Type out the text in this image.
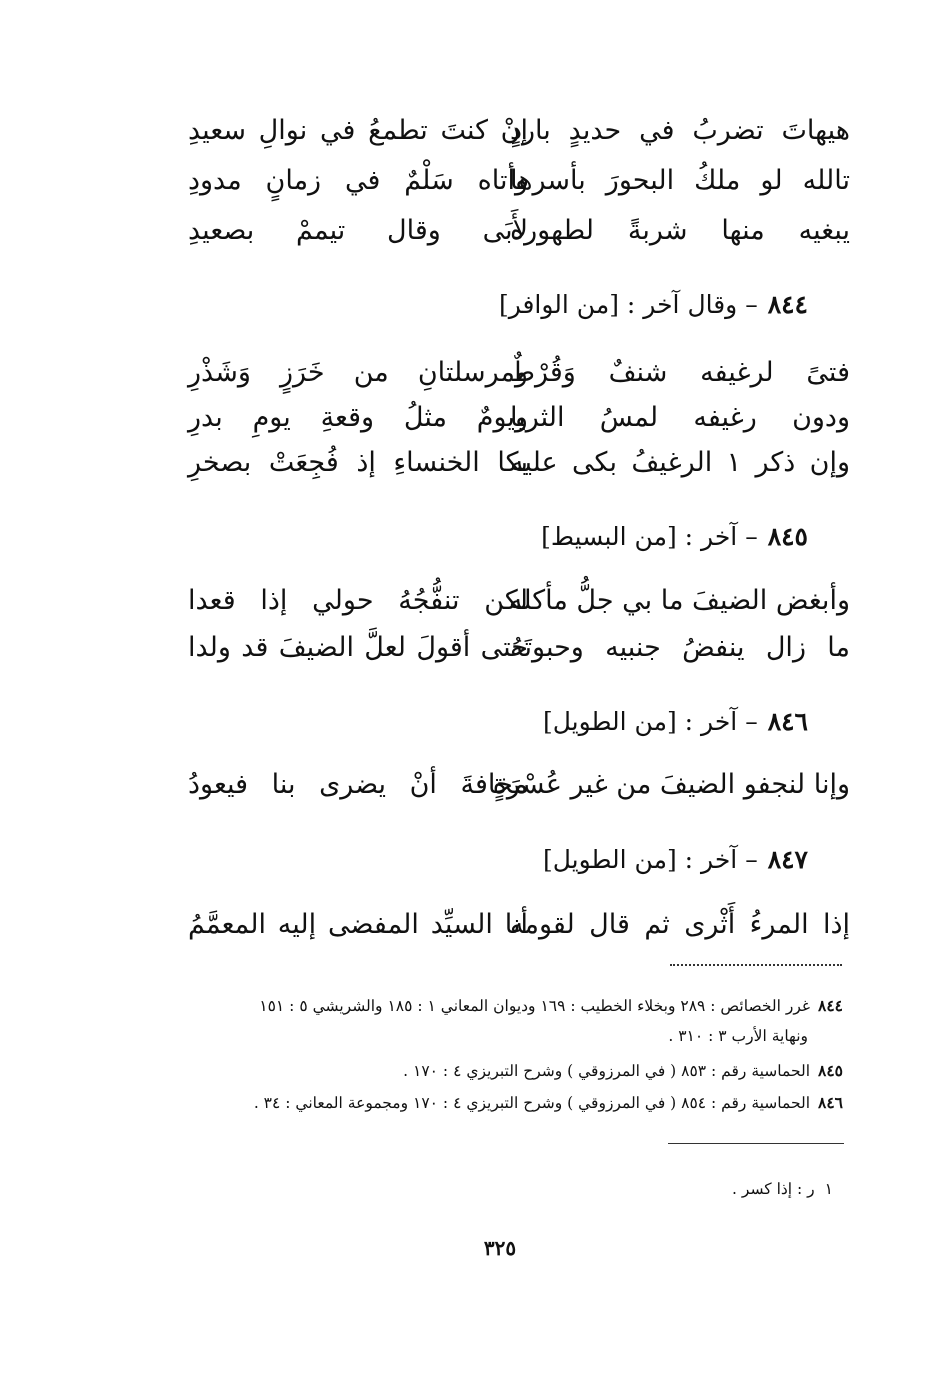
هيهاتَ تضربُ في حديدٍ باردٍ
إنْ كنتَ تطمعُ في نوالِ سعيدِ
تالله لو ملكُ البحورَ بأسرها
وأتاه سَلْمٌ في زمانٍ مدودِ
يبغيه منها شربةً لطهوره
لأَبَى وقال تيممْ بصعيدِ
٨٤٤– وقال آخر : [من الوافر]
فتىً لرغيفه شنفٌ وَقُرْطٌ
ومرسلتانِ من خَرَزٍ وَشَذْرِ
ودون رغيفه لمسُ الثريا
ويومٌ مثلُ وقعةِ يومِ بدرِ
وإن ذكر ١ الرغيفُ بكى عليه
بكا الخنساءِ إذ فُجِعَتْ بصخرِ
٨٤٥– آخر : [من البسيط]
وأبغض الضيفَ ما بي جلُّ مأكله
لكن تنفُّجُهُ حولي إذا قعدا
ما زال ينفضُ جنبيه وحبوتَهُ
حتى أقولَ لعلَّ الضيفَ قد ولدا
٨٤٦– آخر : [من الطويل]
وإنا لنجفو الضيفَ من غير عُسْرَةٍ
مخافةَ أنْ يضرى بنا فيعودُ
٨٤٧– آخر : [من الطويل]
إذا المرءُ أَثْرى ثم قال لقومه
أنا السيِّد المفضى إليه المعمَّمُ
٨٤٤غرر الخصائص : ٢٨٩ وبخلاء الخطيب : ١٦٩ وديوان المعاني ١ : ١٨٥ والشريشي ٥ : ١٥١
ونهاية الأرب ٣ : ٣١٠ .
٨٤٥الحماسية رقم : ٨٥٣ ( في المرزوقي ) وشرح التبريزي ٤ : ١٧٠ .
٨٤٦الحماسية رقم : ٨٥٤ ( في المرزوقي ) وشرح التبريزي ٤ : ١٧٠ ومجموعة المعاني : ٣٤ .
١ر : إذا كسر .
٣٢٥
